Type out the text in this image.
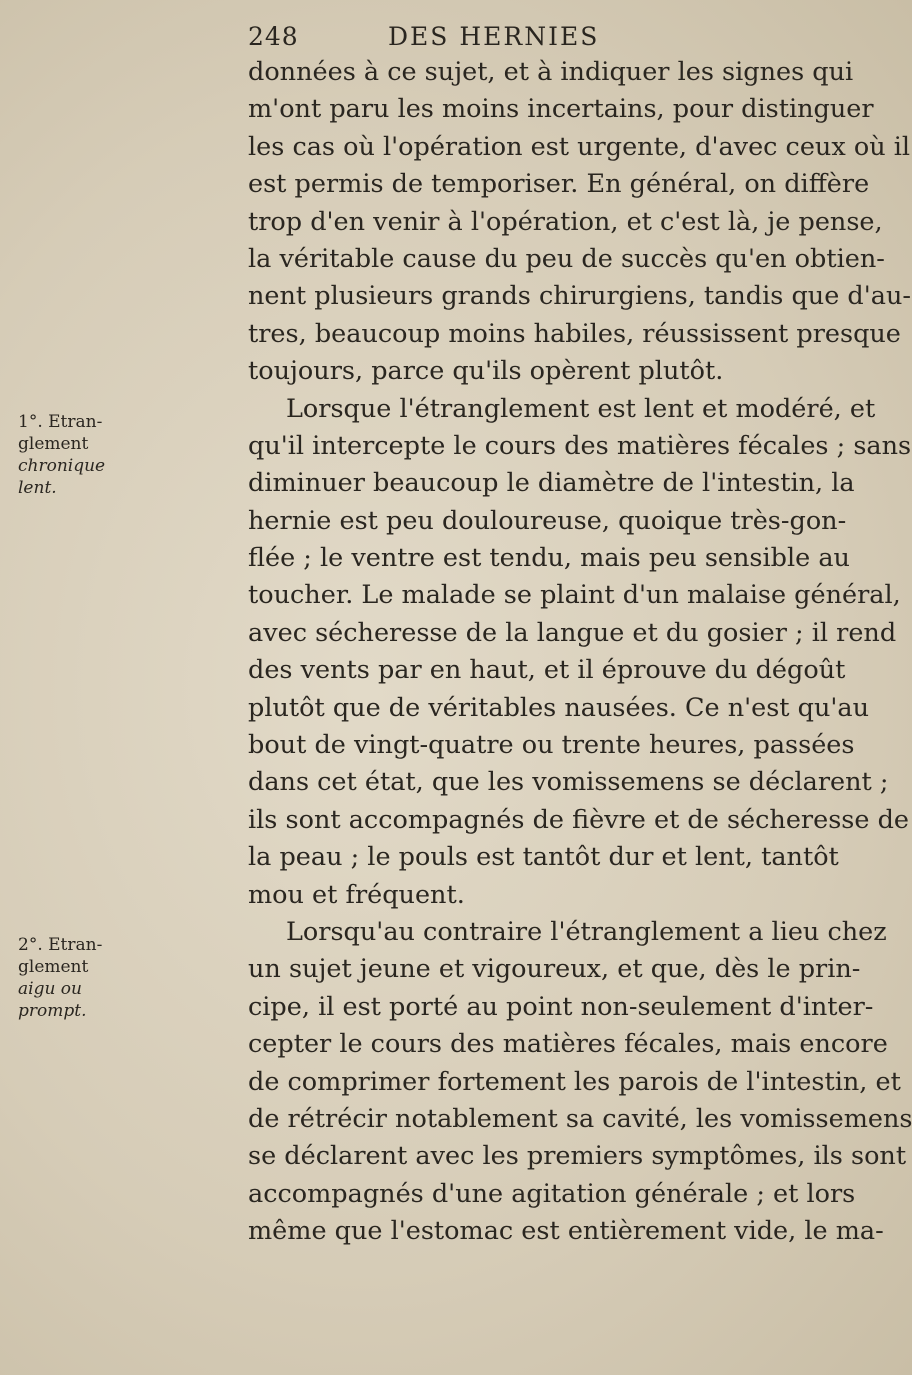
248	DES HERNIES
1°. Etran-
glement
chronique
lent.
2°. Etran-
glement
aigu ou
prompt.
données à ce sujet, et à indiquer les signes qui
m'ont paru les moins incertains, pour distinguer
les cas où l'opération est urgente, d'avec ceux où il
est permis de temporiser. En général, on diffère
trop d'en venir à l'opération, et c'est là, je pense,
la véritable cause du peu de succès qu'en obtien-
nent plusieurs grands chirurgiens, tandis que d'au-
tres, beaucoup moins habiles, réussissent presque
toujours, parce qu'ils opèrent plutôt.
Lorsque l'étranglement est lent et modéré, et
qu'il intercepte le cours des matières fécales ; sans
diminuer beaucoup le diamètre de l'intestin, la
hernie est peu douloureuse, quoique très-gon-
flée ; le ventre est tendu, mais peu sensible au
toucher. Le malade se plaint d'un malaise général,
avec sécheresse de la langue et du gosier ; il rend
des vents par en haut, et il éprouve du dégoût
plutôt que de véritables nausées. Ce n'est qu'au
bout de vingt-quatre ou trente heures, passées
dans cet état, que les vomissemens se déclarent ;
ils sont accompagnés de fièvre et de sécheresse de
la peau ; le pouls est tantôt dur et lent, tantôt
mou et fréquent.
Lorsqu'au contraire l'étranglement a lieu chez
un sujet jeune et vigoureux, et que, dès le prin-
cipe, il est porté au point non-seulement d'inter-
cepter le cours des matières fécales, mais encore
de comprimer fortement les parois de l'intestin, et
de rétrécir notablement sa cavité, les vomissemens
se déclarent avec les premiers symptômes, ils sont
accompagnés d'une agitation générale ; et lors
même que l'estomac est entièrement vide, le ma-
